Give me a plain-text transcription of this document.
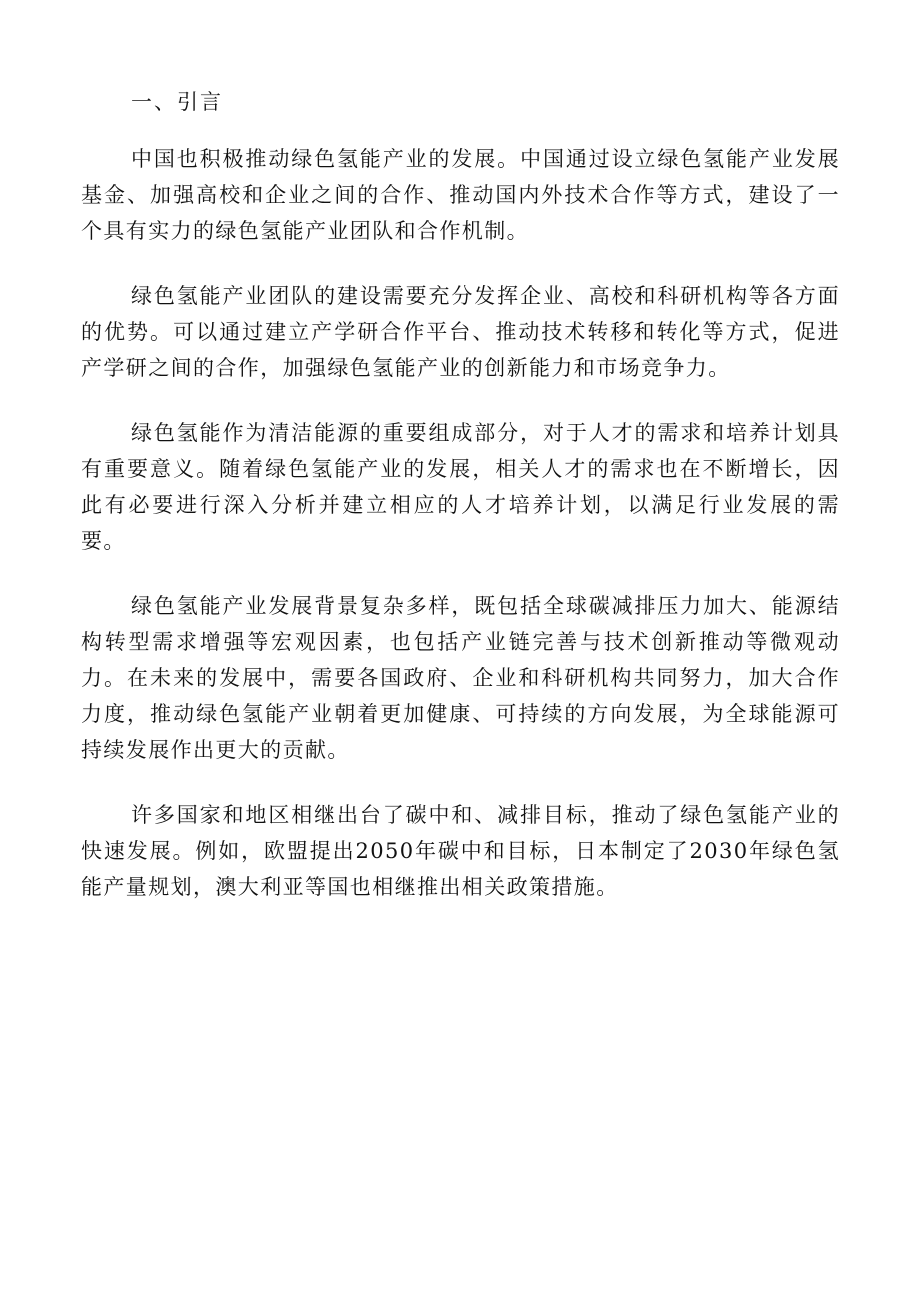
一、引言

中国也积极推动绿色氢能产业的发展。中国通过设立绿色氢能产业发展基金、加强高校和企业之间的合作、推动国内外技术合作等方式，建设了一个具有实力的绿色氢能产业团队和合作机制。

绿色氢能产业团队的建设需要充分发挥企业、高校和科研机构等各方面的优势。可以通过建立产学研合作平台、推动技术转移和转化等方式，促进产学研之间的合作，加强绿色氢能产业的创新能力和市场竞争力。

绿色氢能作为清洁能源的重要组成部分，对于人才的需求和培养计划具有重要意义。随着绿色氢能产业的发展，相关人才的需求也在不断增长，因此有必要进行深入分析并建立相应的人才培养计划，以满足行业发展的需要。

绿色氢能产业发展背景复杂多样，既包括全球碳减排压力加大、能源结构转型需求增强等宏观因素，也包括产业链完善与技术创新推动等微观动力。在未来的发展中，需要各国政府、企业和科研机构共同努力，加大合作力度，推动绿色氢能产业朝着更加健康、可持续的方向发展，为全球能源可持续发展作出更大的贡献。

许多国家和地区相继出台了碳中和、减排目标，推动了绿色氢能产业的快速发展。例如，欧盟提出2050年碳中和目标，日本制定了2030年绿色氢能产量规划，澳大利亚等国也相继推出相关政策措施。
